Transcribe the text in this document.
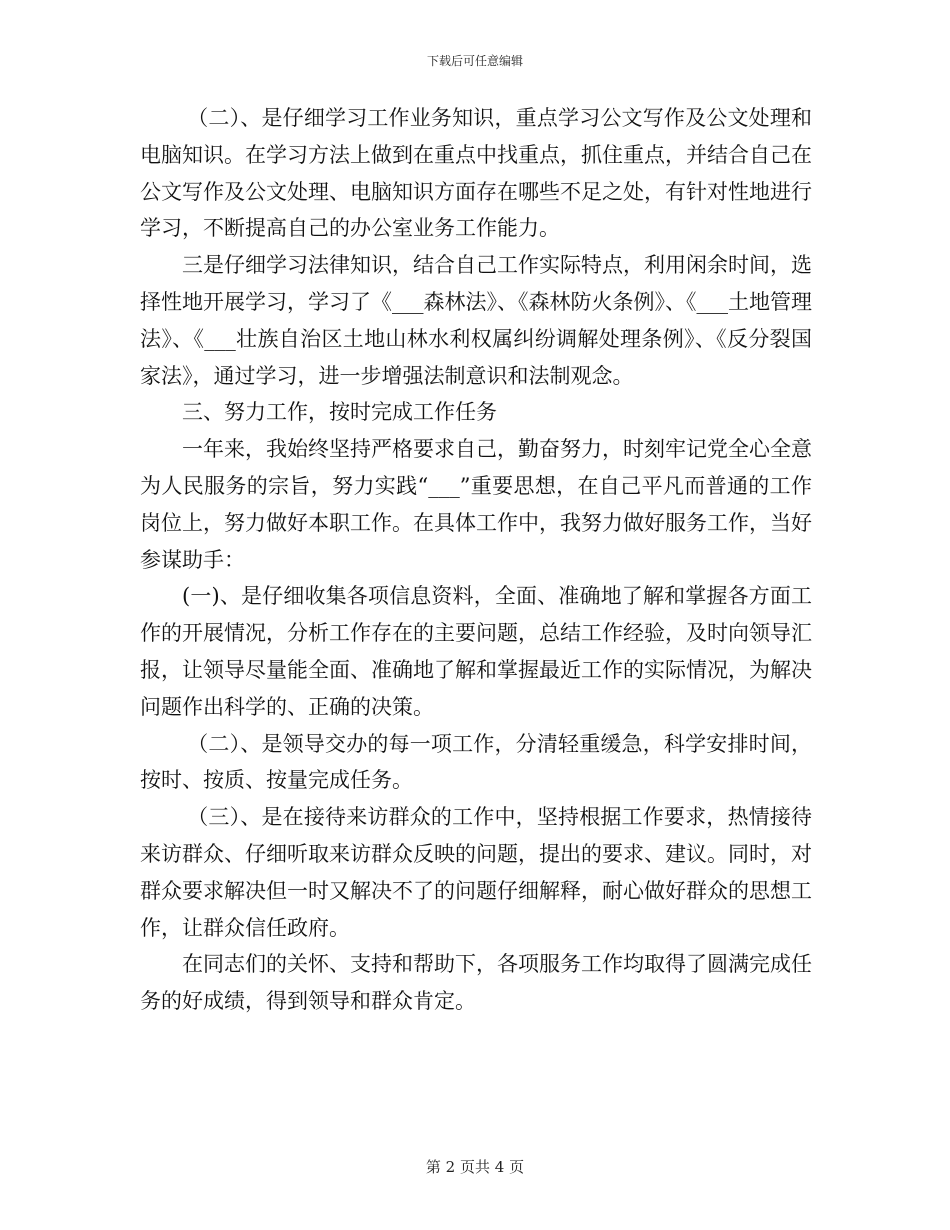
下载后可任意编辑

（二）、是仔细学习工作业务知识，重点学习公文写作及公文处理和电脑知识。在学习方法上做到在重点中找重点，抓住重点，并结合自己在公文写作及公文处理、电脑知识方面存在哪些不足之处，有针对性地进行学习，不断提高自己的办公室业务工作能力。

三是仔细学习法律知识，结合自己工作实际特点，利用闲余时间，选择性地开展学习，学习了《___森林法》、《森林防火条例》、《___土地管理法》、《___壮族自治区土地山林水利权属纠纷调解处理条例》、《反分裂国家法》，通过学习，进一步增强法制意识和法制观念。

三、努力工作，按时完成工作任务

一年来，我始终坚持严格要求自己，勤奋努力，时刻牢记党全心全意为人民服务的宗旨，努力实践“___”重要思想，在自己平凡而普通的工作岗位上，努力做好本职工作。在具体工作中，我努力做好服务工作，当好参谋助手：

(一)、是仔细收集各项信息资料，全面、准确地了解和掌握各方面工作的开展情况，分析工作存在的主要问题，总结工作经验，及时向领导汇报，让领导尽量能全面、准确地了解和掌握最近工作的实际情况，为解决问题作出科学的、正确的决策。

（二）、是领导交办的每一项工作，分清轻重缓急，科学安排时间，按时、按质、按量完成任务。

（三）、是在接待来访群众的工作中，坚持根据工作要求，热情接待来访群众、仔细听取来访群众反映的问题，提出的要求、建议。同时，对群众要求解决但一时又解决不了的问题仔细解释，耐心做好群众的思想工作，让群众信任政府。

在同志们的关怀、支持和帮助下，各项服务工作均取得了圆满完成任务的好成绩，得到领导和群众肯定。

第 2 页共 4 页
